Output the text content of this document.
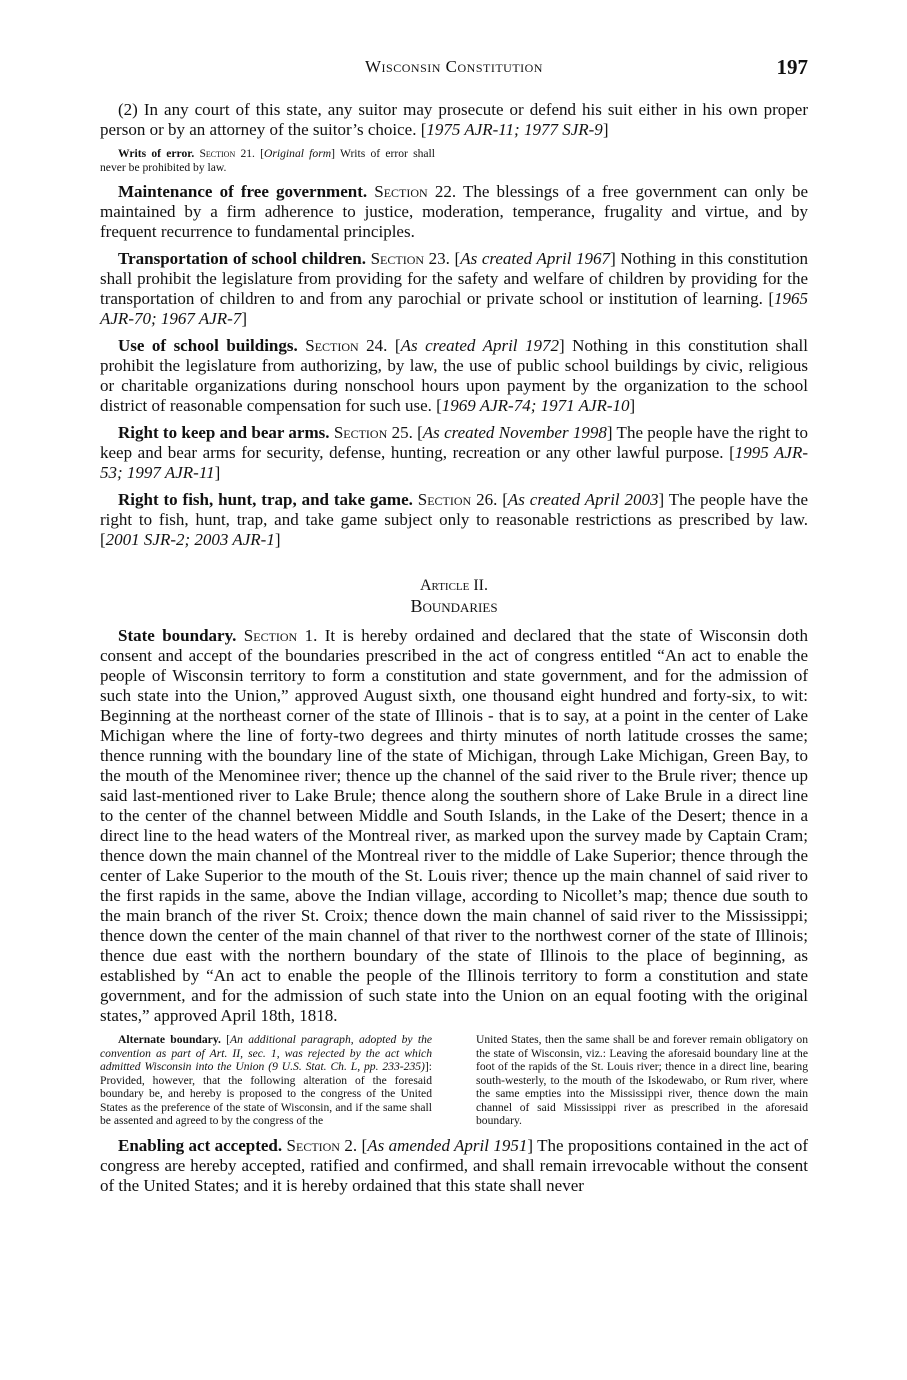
Wisconsin Constitution	197

(2) In any court of this state, any suitor may prosecute or defend his suit either in his own proper person or by an attorney of the suitor’s choice. [1975 AJR-11; 1977 SJR-9]

Writs of error. Section 21. [Original form] Writs of error shall never be prohibited by law.

Maintenance of free government. Section 22. The blessings of a free government can only be maintained by a firm adherence to justice, moderation, temperance, frugality and virtue, and by frequent recurrence to fundamental principles.

Transportation of school children. Section 23. [As created April 1967] Nothing in this constitution shall prohibit the legislature from providing for the safety and welfare of children by providing for the transportation of children to and from any parochial or private school or institution of learning. [1965 AJR-70; 1967 AJR-7]

Use of school buildings. Section 24. [As created April 1972] Nothing in this constitution shall prohibit the legislature from authorizing, by law, the use of public school buildings by civic, religious or charitable organizations during nonschool hours upon payment by the organization to the school district of reasonable compensation for such use. [1969 AJR-74; 1971 AJR-10]

Right to keep and bear arms. Section 25. [As created November 1998] The people have the right to keep and bear arms for security, defense, hunting, recreation or any other lawful purpose. [1995 AJR-53; 1997 AJR-11]

Right to fish, hunt, trap, and take game. Section 26. [As created April 2003] The people have the right to fish, hunt, trap, and take game subject only to reasonable restrictions as prescribed by law. [2001 SJR-2; 2003 AJR-1]

Article II.
Boundaries

State boundary. Section 1. It is hereby ordained and declared that the state of Wisconsin doth consent and accept of the boundaries prescribed in the act of congress entitled “An act to enable the people of Wisconsin territory to form a constitution and state government, and for the admission of such state into the Union,” approved August sixth, one thousand eight hundred and forty-six, to wit: Beginning at the northeast corner of the state of Illinois - that is to say, at a point in the center of Lake Michigan where the line of forty-two degrees and thirty minutes of north latitude crosses the same; thence running with the boundary line of the state of Michigan, through Lake Michigan, Green Bay, to the mouth of the Menominee river; thence up the channel of the said river to the Brule river; thence up said last-mentioned river to Lake Brule; thence along the southern shore of Lake Brule in a direct line to the center of the channel between Middle and South Islands, in the Lake of the Desert; thence in a direct line to the head waters of the Montreal river, as marked upon the survey made by Captain Cram; thence down the main channel of the Montreal river to the middle of Lake Superior; thence through the center of Lake Superior to the mouth of the St. Louis river; thence up the main channel of said river to the first rapids in the same, above the Indian village, according to Nicollet’s map; thence due south to the main branch of the river St. Croix; thence down the main channel of said river to the Mississippi; thence down the center of the main channel of that river to the northwest corner of the state of Illinois; thence due east with the northern boundary of the state of Illinois to the place of beginning, as established by “An act to enable the people of the Illinois territory to form a constitution and state government, and for the admission of such state into the Union on an equal footing with the original states,” approved April 18th, 1818.

Alternate boundary. [An additional paragraph, adopted by the convention as part of Art. II, sec. 1, was rejected by the act which admitted Wisconsin into the Union (9 U.S. Stat. Ch. L, pp. 233-235)]: Provided, however, that the following alteration of the foresaid boundary be, and hereby is proposed to the congress of the United States as the preference of the state of Wisconsin, and if the same shall be assented and agreed to by the congress of the

United States, then the same shall be and forever remain obligatory on the state of Wisconsin, viz.: Leaving the aforesaid boundary line at the foot of the rapids of the St. Louis river; thence in a direct line, bearing south-westerly, to the mouth of the Iskodewabo, or Rum river, where the same empties into the Mississippi river, thence down the main channel of said Mississippi river as prescribed in the aforesaid boundary.

Enabling act accepted. Section 2. [As amended April 1951] The propositions contained in the act of congress are hereby accepted, ratified and confirmed, and shall remain irrevocable without the consent of the United States; and it is hereby ordained that this state shall never
